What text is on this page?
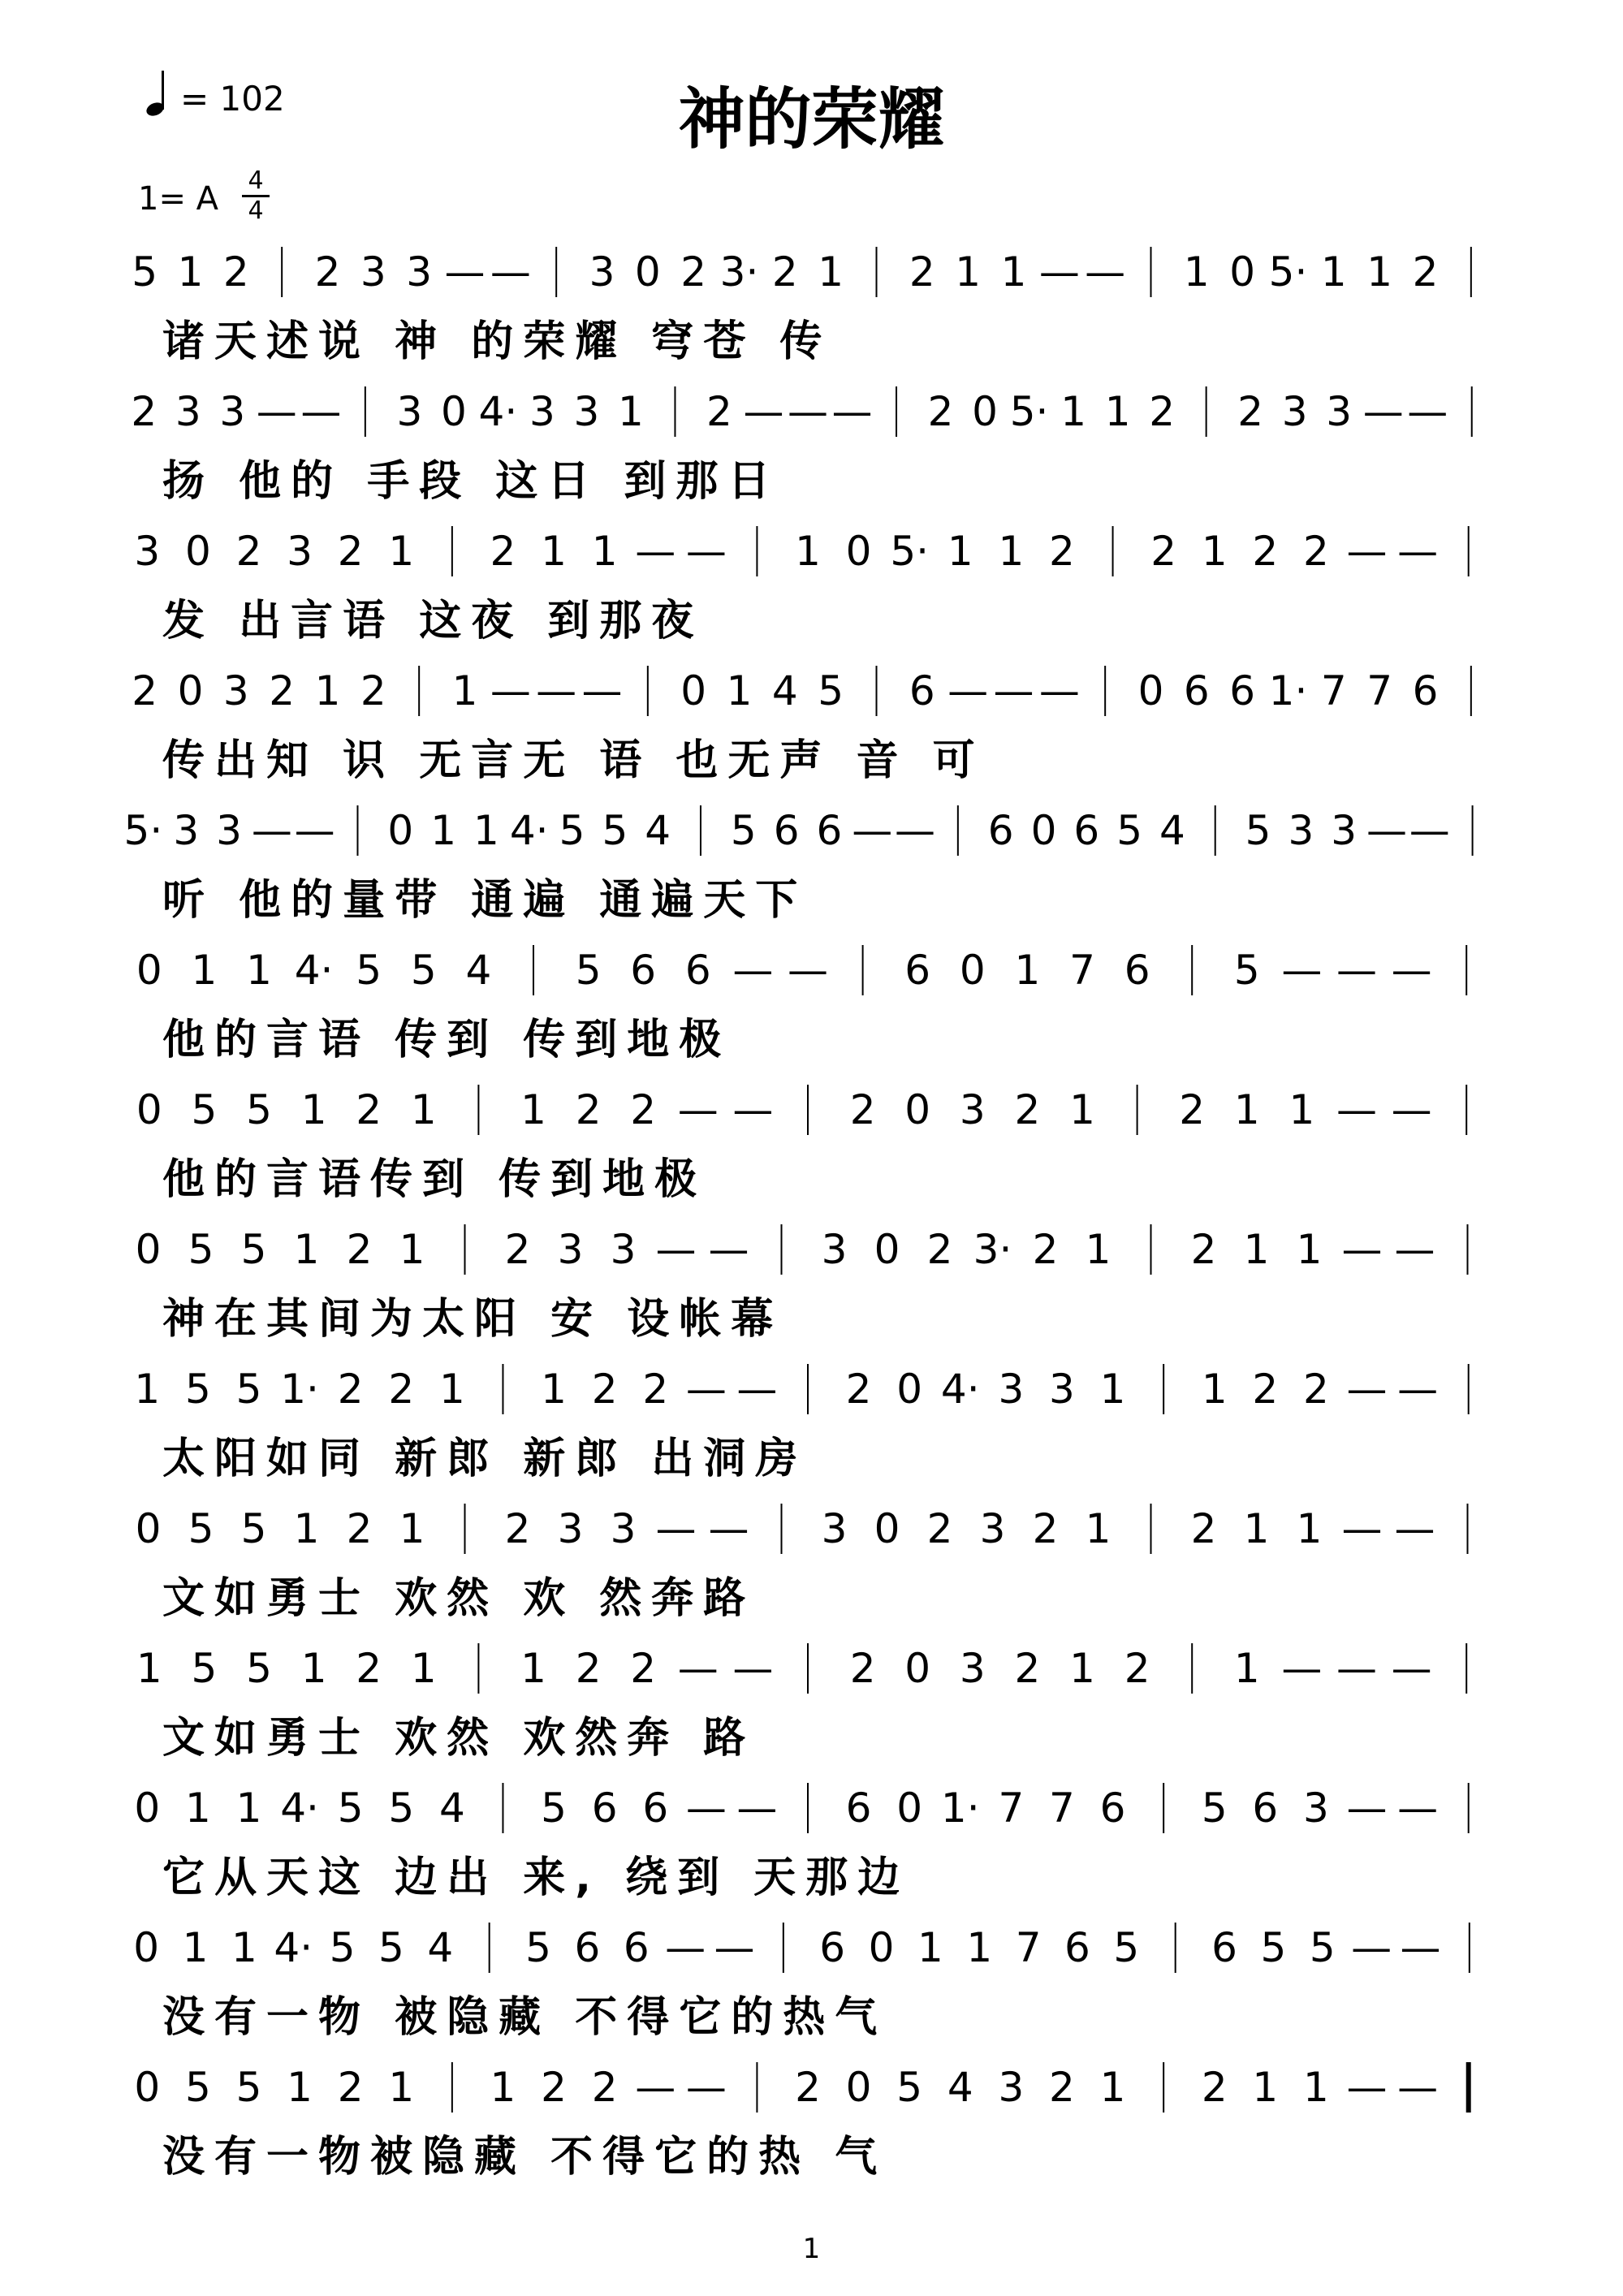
= 102	神的荣耀
1= A 4
4
5 1 2 2 3 3 — — 3 0 2 3· 2 1 2 1 1 — — 1 0 5· 1 1 2
诸天述说 神 的荣耀 穹苍 传
2 3 3 — — 3 0 4· 3 3 1 2 — — — 2 0 5· 1 1 2 2 3 3 — —
扬 他的 手段 这日 到那日
3 0 2 3 2 1 2 1 1 — — 1 0 5· 1 1 2 2 1 2 2 — —
发 出言语 这夜 到那夜
2 0 3 2 1 2 1 — — — 0 1 4 5 6 — — — 0 6 6 1· 7 7 6
传出知 识 无言无 语 也无声 音 可
5· 3 3 — — 0 1 1 4· 5 5 4 5 6 6 — — 6 0 6 5 4 5 3 3 — —
听 他的量带 通遍 通遍天下
0 1 1 4· 5 5 4 5 6 6 — — 6 0 1 7 6 5 — — —
他的言语 传到 传到地极
0 5 5 1 2 1 1 2 2 — — 2 0 3 2 1 2 1 1 — —
他的言语传到 传到地极
0 5 5 1 2 1 2 3 3 — — 3 0 2 3· 2 1 2 1 1 — —
神在其间为太阳 安 设帐幕
1 5 5 1· 2 2 1 1 2 2 — — 2 0 4· 3 3 1 1 2 2 — —
太阳如同 新郎 新郎 出洞房
0 5 5 1 2 1 2 3 3 — — 3 0 2 3 2 1 2 1 1 — —
文如勇士 欢然 欢 然奔路
1 5 5 1 2 1 1 2 2 — — 2 0 3 2 1 2 1 — — —
文如勇士 欢然 欢然奔 路
0 1 1 4· 5 5 4 5 6 6 — — 6 0 1· 7 7 6 5 6 3 — —
它从天这 边出 来, 绕到 天那边
0 1 1 4· 5 5 4 5 6 6 — — 6 0 1 1 7 6 5 6 5 5 — —
没有一物 被隐藏 不得它的热气
0 5 5 1 2 1 1 2 2 — — 2 0 5 4 3 2 1 2 1 1 — —
没有一物被隐藏 不得它的热 气
1
